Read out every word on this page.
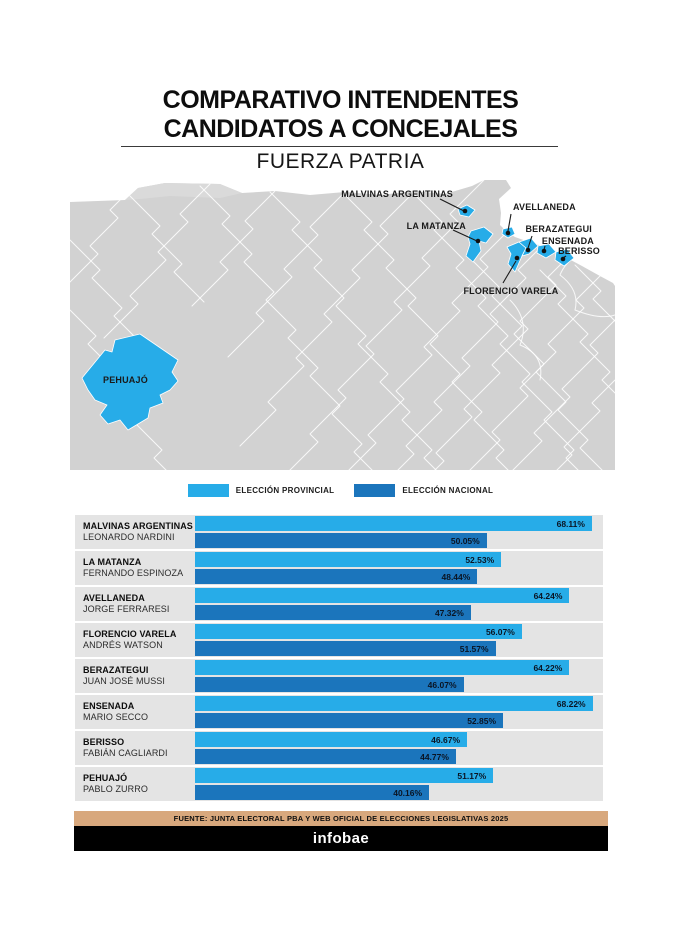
COMPARATIVO INTENDENTES
CANDIDATOS A CONCEJALES
FUERZA PATRIA
MALVINAS ARGENTINAS
LA MATANZA
AVELLANEDA
BERAZATEGUI
ENSENADA
BERISSO
FLORENCIO VARELA
PEHUAJÓ
ELECCIÓN PROVINCIAL	ELECCIÓN NACIONAL
MALVINAS ARGENTINAS
LEONARDO NARDINI
68.11%
50.05%
LA MATANZA
FERNANDO ESPINOZA
52.53%
48.44%
AVELLANEDA
JORGE FERRARESI
64.24%
47.32%
FLORENCIO VARELA
ANDRÉS WATSON
56.07%
51.57%
BERAZATEGUI
JUAN JOSÉ MUSSI
64.22%
46.07%
ENSENADA
MARIO SECCO
68.22%
52.85%
BERISSO
FABIÁN CAGLIARDI
46.67%
44.77%
PEHUAJÓ
PABLO ZURRO
51.17%
40.16%
FUENTE: JUNTA ELECTORAL PBA Y WEB OFICIAL DE ELECCIONES LEGISLATIVAS 2025
infobae
